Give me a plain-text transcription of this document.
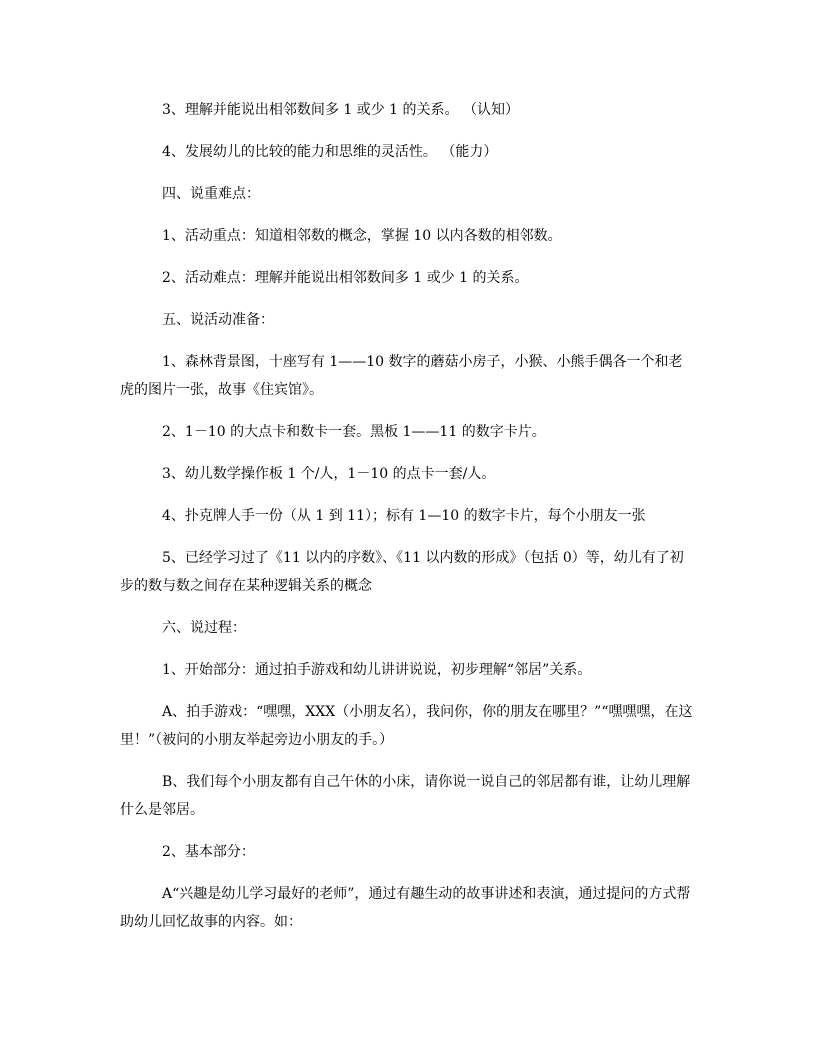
3、理解并能说出相邻数间多 1 或少 1 的关系。 （认知）

4、发展幼儿的比较的能力和思维的灵活性。 （能力）

四、说重难点：

1、活动重点：知道相邻数的概念，掌握 10 以内各数的相邻数。

2、活动难点：理解并能说出相邻数间多 1 或少 1 的关系。

五、说活动准备：

1、森林背景图，十座写有 1——10 数字的蘑菇小房子，小猴、小熊手偶各一个和老虎的图片一张，故事《住宾馆》。

2、1－10 的大点卡和数卡一套。黑板 1——11 的数字卡片。

3、幼儿数学操作板 1 个/人，1－10 的点卡一套/人。

4、扑克牌人手一份（从 1 到 11）；标有 1—10 的数字卡片，每个小朋友一张

5、已经学习过了《11 以内的序数》、《11 以内数的形成》（包括 0）等，幼儿有了初步的数与数之间存在某种逻辑关系的概念

六、说过程：

1、开始部分：通过拍手游戏和幼儿讲讲说说，初步理解“邻居”关系。

A、拍手游戏：“嘿嘿，XXX（小朋友名），我问你，你的朋友在哪里？”“嘿嘿嘿，在这里！”（被问的小朋友举起旁边小朋友的手。）

B、我们每个小朋友都有自己午休的小床，请你说一说自己的邻居都有谁，让幼儿理解什么是邻居。

2、基本部分：

A“兴趣是幼儿学习最好的老师”，通过有趣生动的故事讲述和表演，通过提问的方式帮助幼儿回忆故事的内容。如：
